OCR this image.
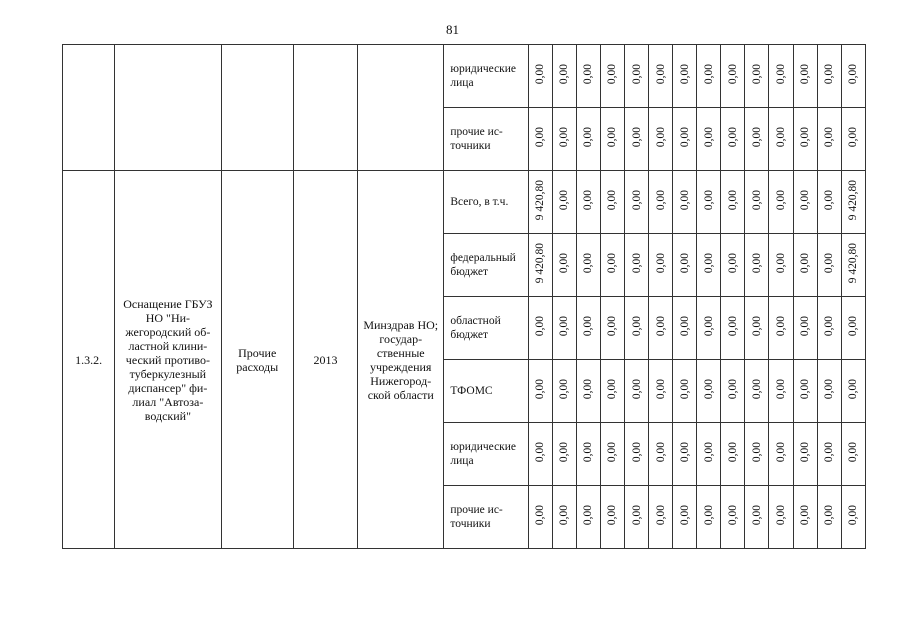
81
					юридические лица	0,00	0,00	0,00	0,00	0,00	0,00	0,00	0,00	0,00	0,00	0,00	0,00	0,00	0,00
					прочие ис-точники	0,00	0,00	0,00	0,00	0,00	0,00	0,00	0,00	0,00	0,00	0,00	0,00	0,00	0,00
1.3.2.	Оснащение ГБУЗ НО "Ни-жегородский об-ластной клини-ческий противо-туберкулезный диспансер" фи-лиал "Автоза-водский"	Прочие расходы	2013	Минздрав НО; государ-ственные учреждения Нижегород-ской области	Всего, в т.ч.	9 420,80	0,00	0,00	0,00	0,00	0,00	0,00	0,00	0,00	0,00	0,00	0,00	0,00	9 420,80
					федеральный бюджет	9 420,80	0,00	0,00	0,00	0,00	0,00	0,00	0,00	0,00	0,00	0,00	0,00	0,00	9 420,80
					областной бюджет	0,00	0,00	0,00	0,00	0,00	0,00	0,00	0,00	0,00	0,00	0,00	0,00	0,00	0,00
					ТФОМС	0,00	0,00	0,00	0,00	0,00	0,00	0,00	0,00	0,00	0,00	0,00	0,00	0,00	0,00
					юридические лица	0,00	0,00	0,00	0,00	0,00	0,00	0,00	0,00	0,00	0,00	0,00	0,00	0,00	0,00
					прочие ис-точники	0,00	0,00	0,00	0,00	0,00	0,00	0,00	0,00	0,00	0,00	0,00	0,00	0,00	0,00
